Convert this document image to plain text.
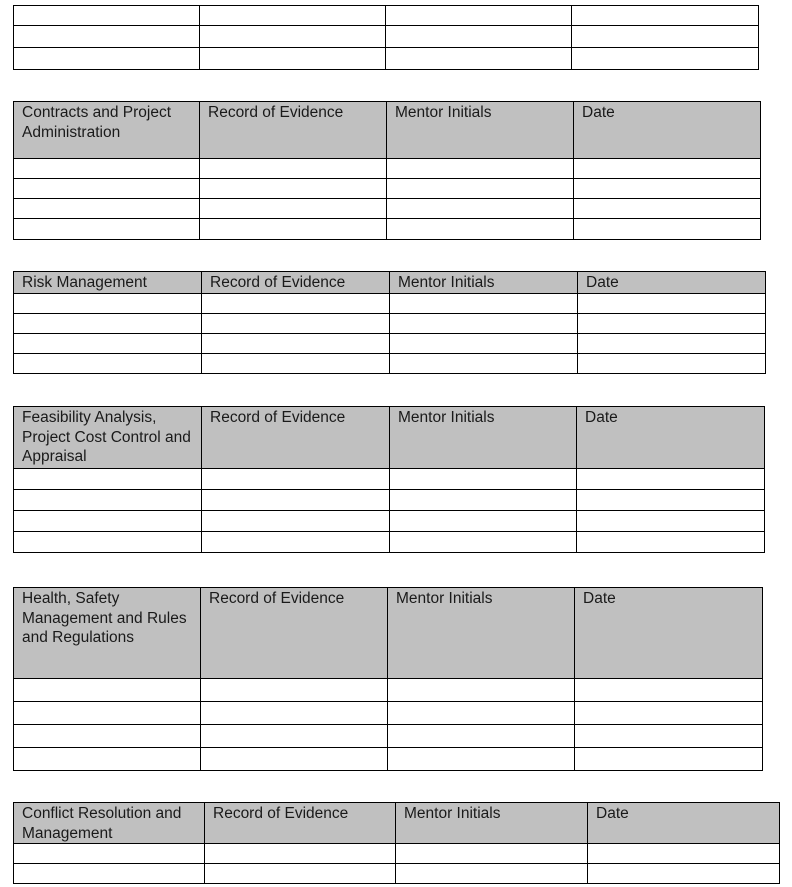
Contracts and Project Administration	Record of Evidence	Mentor Initials	Date

Risk Management	Record of Evidence	Mentor Initials	Date

Feasibility Analysis, Project Cost Control and Appraisal	Record of Evidence	Mentor Initials	Date

Health, Safety Management and Rules and Regulations	Record of Evidence	Mentor Initials	Date

Conflict Resolution and Management	Record of Evidence	Mentor Initials	Date
